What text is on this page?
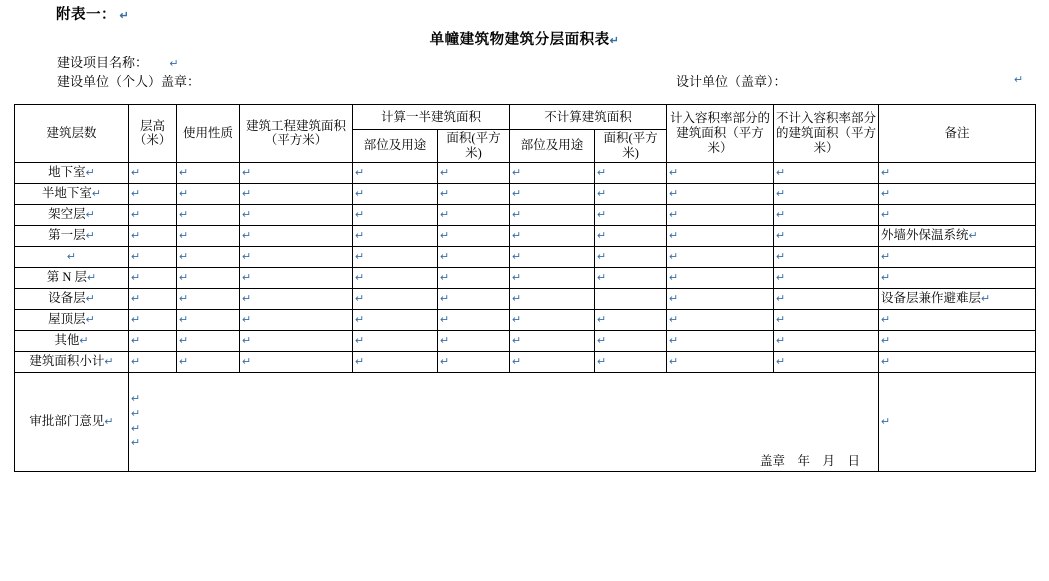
附表一： ↵
单幢建筑物建筑分层面积表↵
建设项目名称：       ↵
建设单位（个人）盖章：	设计单位（盖章）：	↵
建筑层数	层高（米）	使用性质	建筑工程建筑面积（平方米）	计算一半建筑面积		不计算建筑面积		计入容积率部分的建筑面积（平方米）	不计入容积率部分的建筑面积（平方米）	备注
				部位及用途	面积(平方米)	部位及用途	面积(平方米)			
地下室↵	↵	↵	↵	↵	↵	↵	↵	↵	↵	↵
半地下室↵	↵	↵	↵	↵	↵	↵	↵	↵	↵	↵
架空层↵	↵	↵	↵	↵	↵	↵	↵	↵	↵	↵
第一层↵	↵	↵	↵	↵	↵	↵	↵	↵	↵	外墙外保温系统↵
↵	↵	↵	↵	↵	↵	↵	↵	↵	↵	↵
第 N 层↵	↵	↵	↵	↵	↵	↵	↵	↵	↵	↵
设备层↵	↵	↵	↵	↵	↵	↵		↵	↵	设备层兼作避难层↵
屋顶层↵	↵	↵	↵	↵	↵	↵	↵	↵	↵	↵
其他↵	↵	↵	↵	↵	↵	↵	↵	↵	↵	↵
建筑面积小计↵	↵	↵	↵	↵	↵	↵	↵	↵	↵	↵
审批部门意见↵	↵
↵
↵
↵
盖章    年    月    日									↵
